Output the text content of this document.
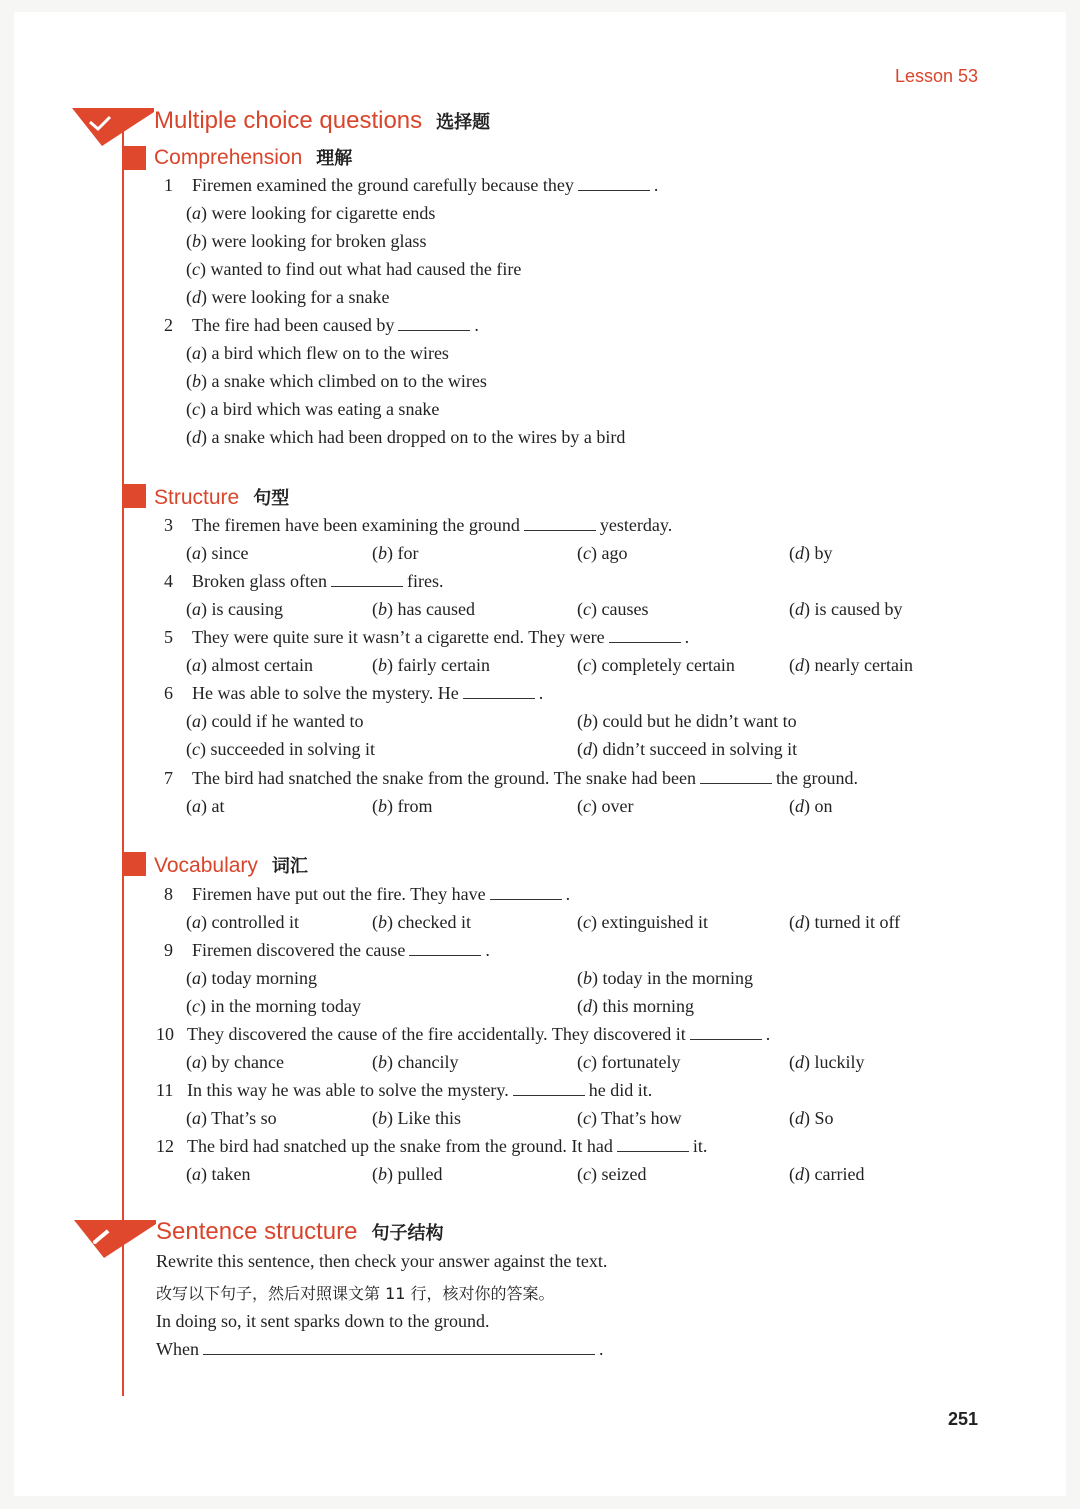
Lesson 53
Multiple choice questions 选择题
Comprehension 理解
1 Firemen examined the ground carefully because they	.
(a) were looking for cigarette ends
(b) were looking for broken glass
(c) wanted to find out what had caused the fire
(d) were looking for a snake
2 The fire had been caused by	.
(a) a bird which flew on to the wires
(b) a snake which climbed on to the wires
(c) a bird which was eating a snake
(d) a snake which had been dropped on to the wires by a bird
Structure 句型
3 The firemen have been examining the ground	yesterday.
(a) since	(b) for	(c) ago	(d) by
4 Broken glass often	fires.
(a) is causing	(b) has caused	(c) causes	(d) is caused by
5 They were quite sure it wasn’t a cigarette end. They were	.
(a) almost certain	(b) fairly certain	(c) completely certain	(d) nearly certain
6 He was able to solve the mystery. He	.
(a) could if he wanted to	(b) could but he didn’t want to
(c) succeeded in solving it	(d) didn’t succeed in solving it
7 The bird had snatched the snake from the ground. The snake had been	the ground.
(a) at	(b) from	(c) over	(d) on
Vocabulary 词汇
8 Firemen have put out the fire. They have	.
(a) controlled it	(b) checked it	(c) extinguished it	(d) turned it off
9 Firemen discovered the cause	.
(a) today morning	(b) today in the morning
(c) in the morning today	(d) this morning
10 They discovered the cause of the fire accidentally. They discovered it	.
(a) by chance	(b) chancily	(c) fortunately	(d) luckily
11 In this way he was able to solve the mystery.	he did it.
(a) That’s so	(b) Like this	(c) That’s how	(d) So
12 The bird had snatched up the snake from the ground. It had	it.
(a) taken	(b) pulled	(c) seized	(d) carried
Sentence structure 句子结构
Rewrite this sentence, then check your answer against the text.
改写以下句子，然后对照课文第 11 行，核对你的答案。
In doing so, it sent sparks down to the ground.
When	.
251
